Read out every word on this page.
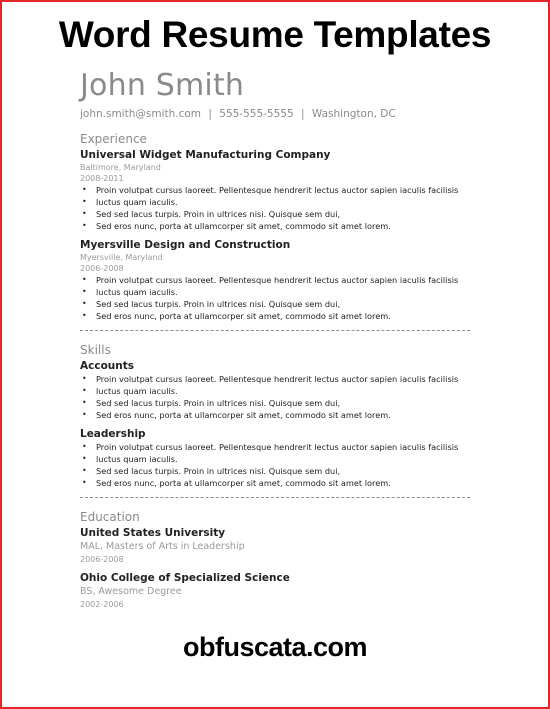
Word Resume Templates
John Smith
john.smith@smith.com | 555-555-5555 | Washington, DC
Experience
Universal Widget Manufacturing Company
Baltimore, Maryland
2008-2011
• Proin volutpat cursus laoreet. Pellentesque hendrerit lectus auctor sapien iaculis facilisis
• luctus quam iaculis.
• Sed sed lacus turpis. Proin in ultrices nisi. Quisque sem dui,
• Sed eros nunc, porta at ullamcorper sit amet, commodo sit amet lorem.
Myersville Design and Construction
Myersville, Maryland
2006-2008
• Proin volutpat cursus laoreet. Pellentesque hendrerit lectus auctor sapien iaculis facilisis
• luctus quam iaculis.
• Sed sed lacus turpis. Proin in ultrices nisi. Quisque sem dui,
• Sed eros nunc, porta at ullamcorper sit amet, commodo sit amet lorem.
Skills
Accounts
• Proin volutpat cursus laoreet. Pellentesque hendrerit lectus auctor sapien iaculis facilisis
• luctus quam iaculis.
• Sed sed lacus turpis. Proin in ultrices nisi. Quisque sem dui,
• Sed eros nunc, porta at ullamcorper sit amet, commodo sit amet lorem.
Leadership
• Proin volutpat cursus laoreet. Pellentesque hendrerit lectus auctor sapien iaculis facilisis
• luctus quam iaculis.
• Sed sed lacus turpis. Proin in ultrices nisi. Quisque sem dui,
• Sed eros nunc, porta at ullamcorper sit amet, commodo sit amet lorem.
Education
United States University
MAL, Masters of Arts in Leadership
2006-2008
Ohio College of Specialized Science
BS, Awesome Degree
2002-2006
obfuscata.com
